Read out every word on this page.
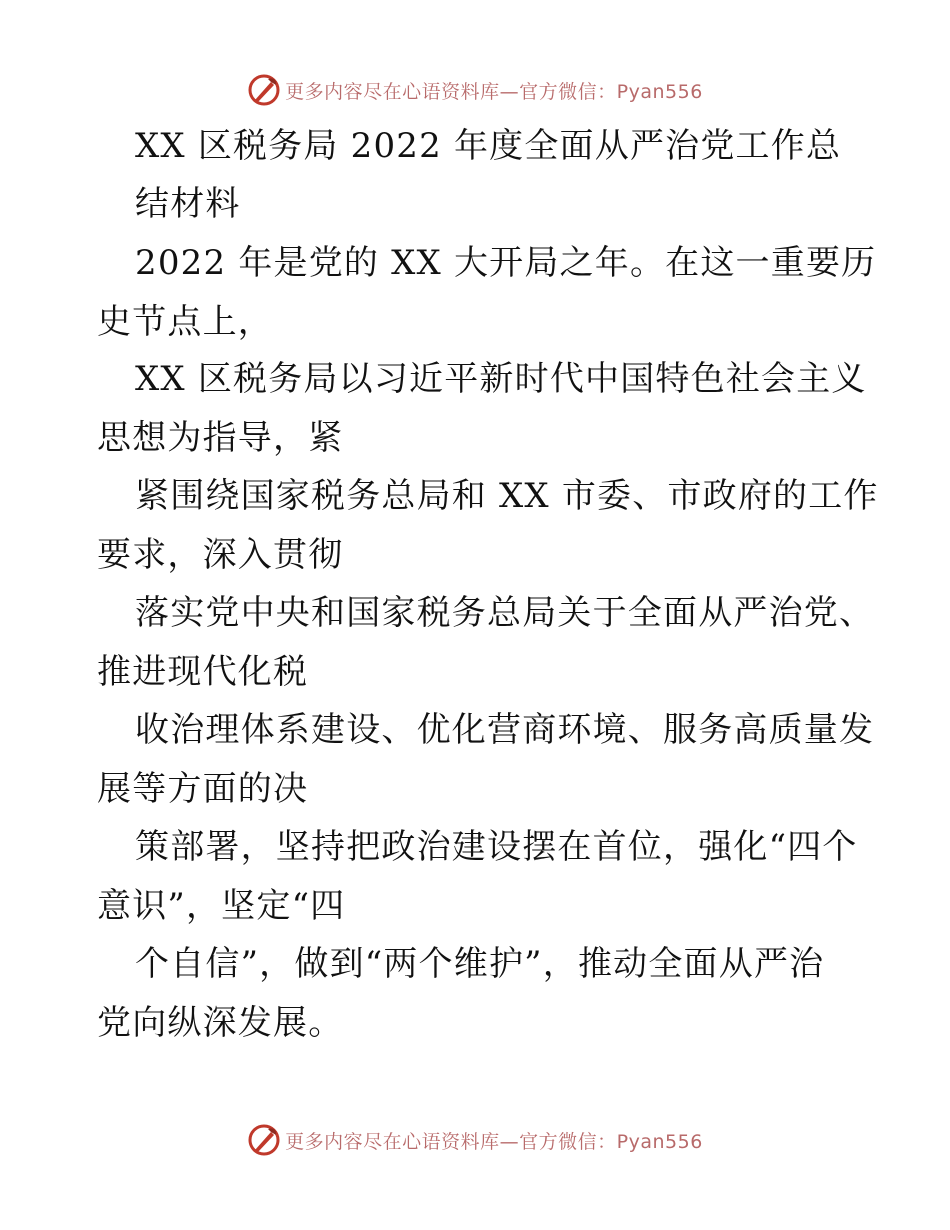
更多内容尽在心语资料库—官方微信：Pyan556
XX 区税务局 2022 年度全面从严治党工作总
结材料
2022 年是党的 XX 大开局之年。在这一重要历
史节点上，
XX 区税务局以习近平新时代中国特色社会主义
思想为指导，紧
紧围绕国家税务总局和 XX 市委、市政府的工作
要求，深入贯彻
落实党中央和国家税务总局关于全面从严治党、
推进现代化税
收治理体系建设、优化营商环境、服务高质量发
展等方面的决
策部署，坚持把政治建设摆在首位，强化“四个
意识”，坚定“四
个自信”，做到“两个维护”，推动全面从严治
党向纵深发展。
更多内容尽在心语资料库—官方微信：Pyan556
